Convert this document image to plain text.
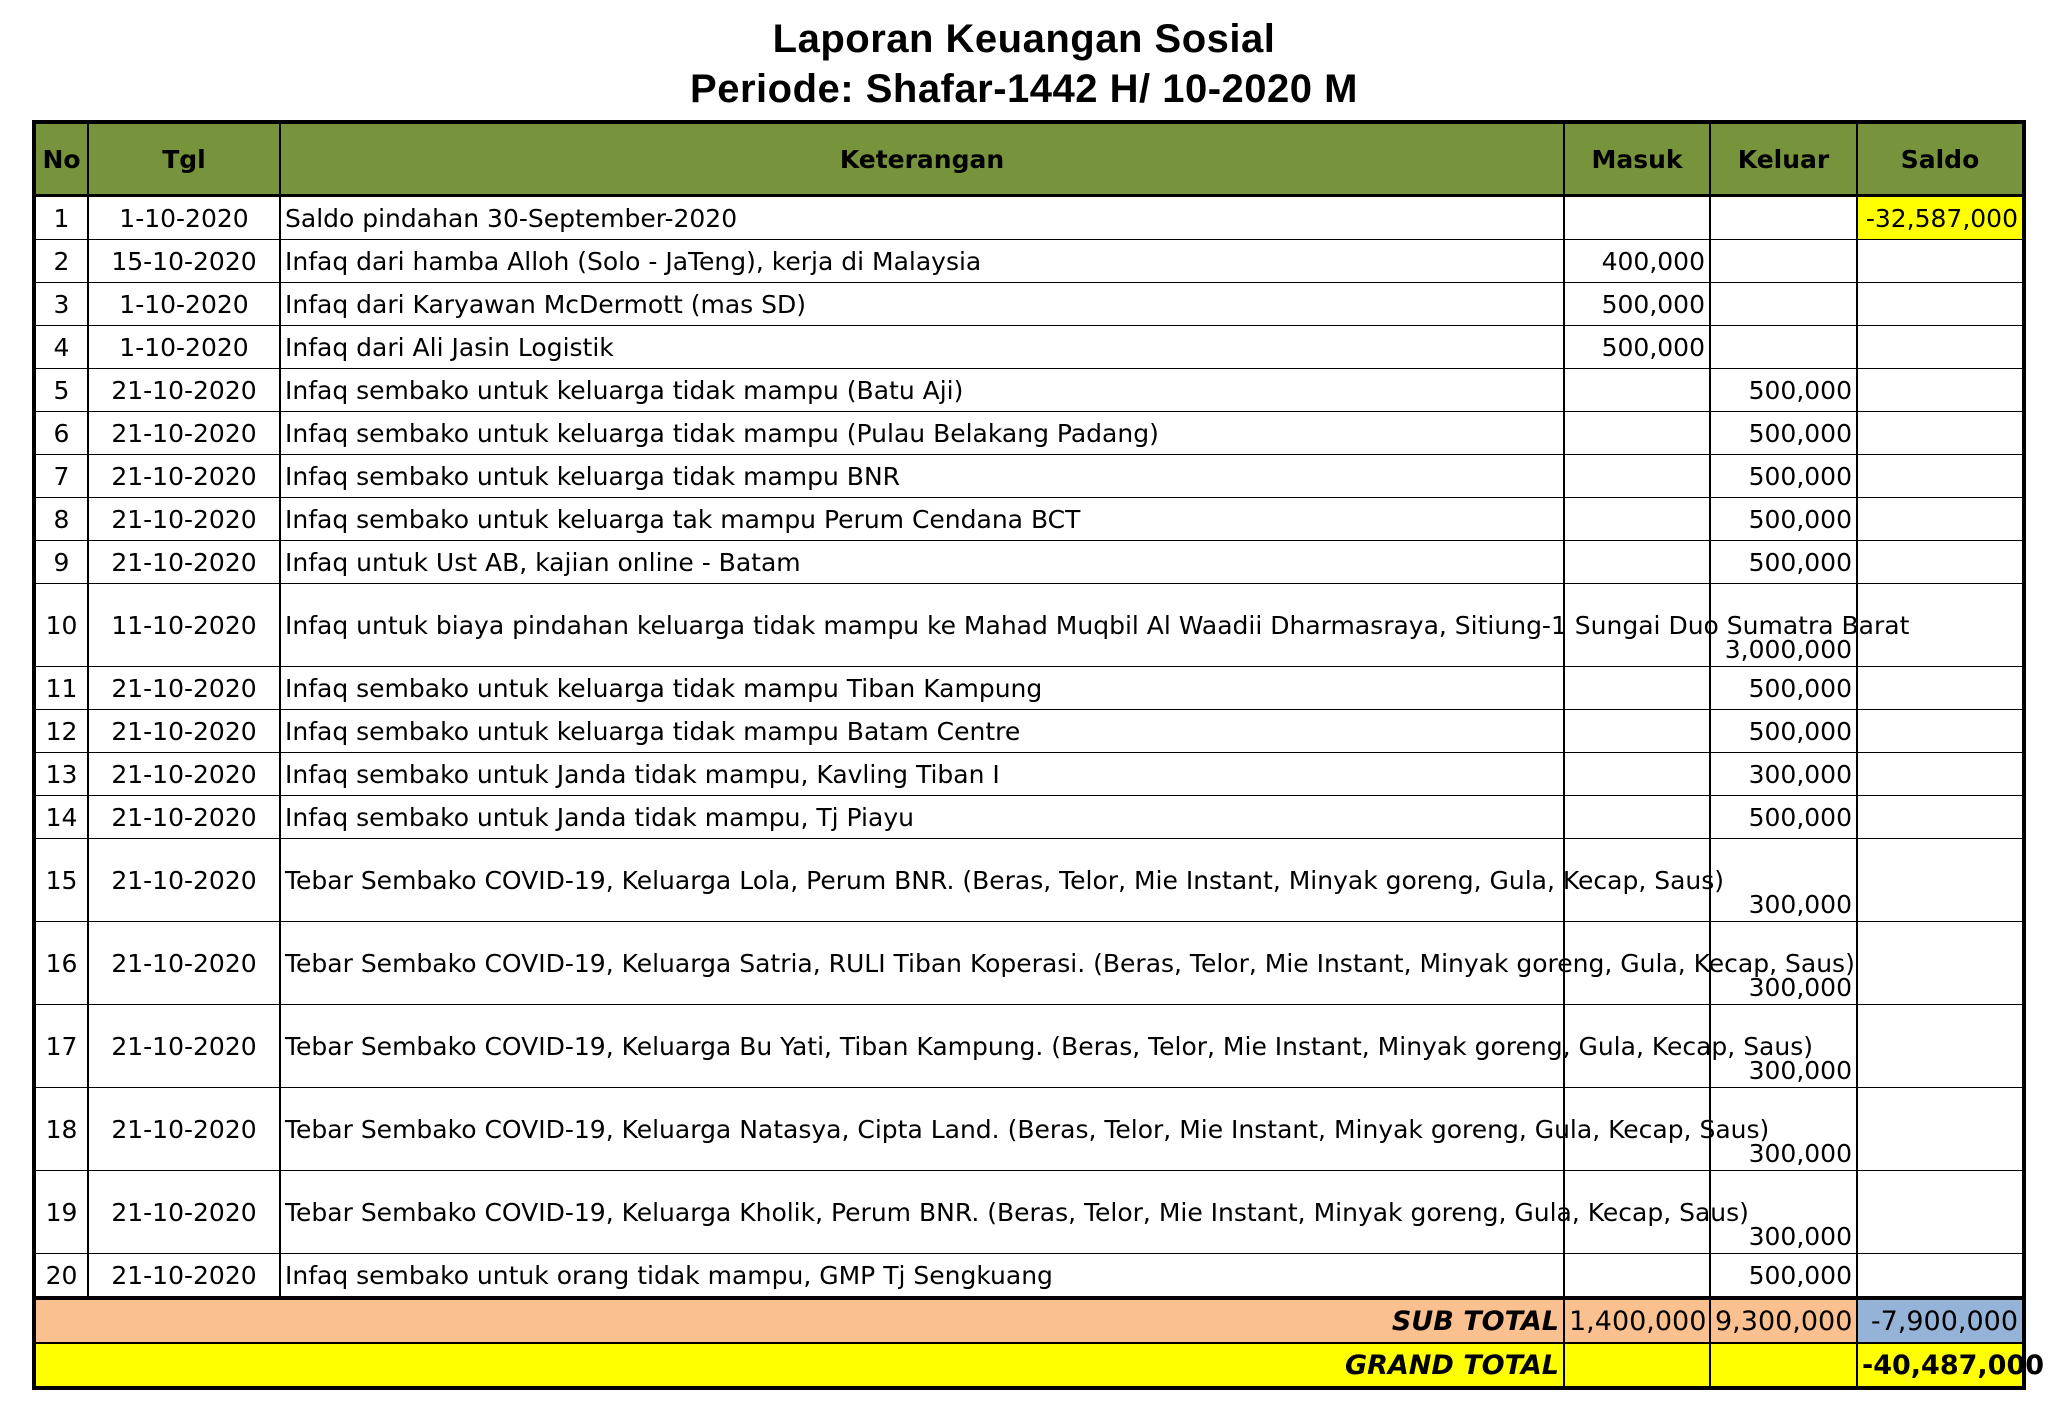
Laporan Keuangan Sosial
Periode: Shafar-1442 H/ 10-2020 M
No	Tgl	Keterangan	Masuk	Keluar	Saldo
1	1-10-2020	Saldo pindahan 30-September-2020			-32,587,000
2	15-10-2020	Infaq dari hamba Alloh (Solo - JaTeng), kerja di Malaysia	400,000		
3	1-10-2020	Infaq dari Karyawan McDermott (mas SD)	500,000		
4	1-10-2020	Infaq dari Ali Jasin Logistik	500,000		
5	21-10-2020	Infaq sembako untuk keluarga tidak mampu (Batu Aji)		500,000	
6	21-10-2020	Infaq sembako untuk keluarga tidak mampu (Pulau Belakang Padang)		500,000	
7	21-10-2020	Infaq sembako untuk keluarga tidak mampu BNR		500,000	
8	21-10-2020	Infaq sembako untuk keluarga tak mampu Perum Cendana BCT		500,000	
9	21-10-2020	Infaq untuk Ust AB, kajian online - Batam		500,000	
10	11-10-2020	Infaq untuk biaya pindahan keluarga tidak mampu ke Mahad Muqbil Al Waadii Dharmasraya, Sitiung-1 Sungai Duo Sumatra Barat		3,000,000	
11	21-10-2020	Infaq sembako untuk keluarga tidak mampu Tiban Kampung		500,000	
12	21-10-2020	Infaq sembako untuk keluarga tidak mampu Batam Centre		500,000	
13	21-10-2020	Infaq sembako untuk Janda tidak mampu, Kavling Tiban I		300,000	
14	21-10-2020	Infaq sembako untuk Janda tidak mampu, Tj Piayu		500,000	
15	21-10-2020	Tebar Sembako COVID-19, Keluarga Lola, Perum BNR. (Beras, Telor, Mie Instant, Minyak goreng, Gula, Kecap, Saus)		300,000	
16	21-10-2020	Tebar Sembako COVID-19, Keluarga Satria, RULI Tiban Koperasi. (Beras, Telor, Mie Instant, Minyak goreng, Gula, Kecap, Saus)		300,000	
17	21-10-2020	Tebar Sembako COVID-19, Keluarga Bu Yati, Tiban Kampung. (Beras, Telor, Mie Instant, Minyak goreng, Gula, Kecap, Saus)		300,000	
18	21-10-2020	Tebar Sembako COVID-19, Keluarga Natasya, Cipta Land. (Beras, Telor, Mie Instant, Minyak goreng, Gula, Kecap, Saus)		300,000	
19	21-10-2020	Tebar Sembako COVID-19, Keluarga Kholik, Perum BNR. (Beras, Telor, Mie Instant, Minyak goreng, Gula, Kecap, Saus)		300,000	
20	21-10-2020	Infaq sembako untuk orang tidak mampu, GMP Tj Sengkuang		500,000	
SUB TOTAL			1,400,000	9,300,000	-7,900,000
GRAND TOTAL					-40,487,000
